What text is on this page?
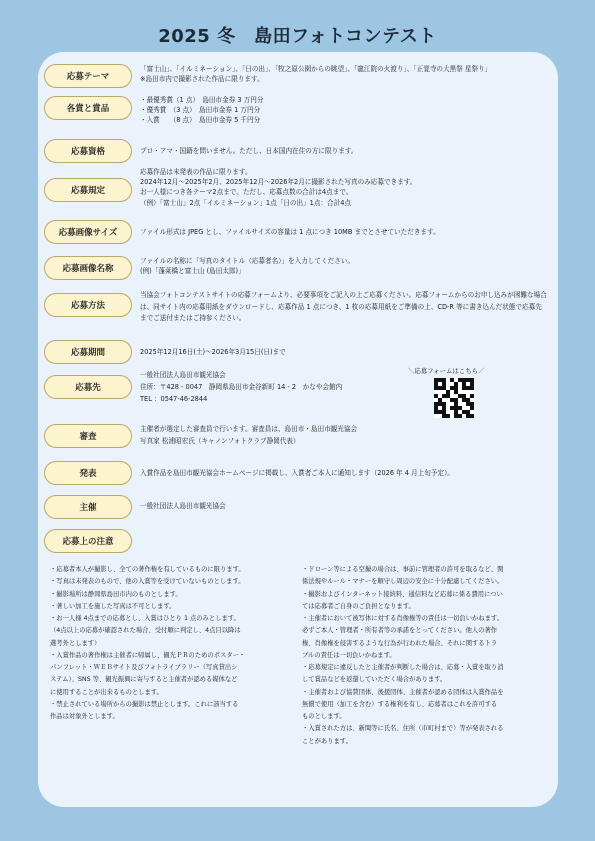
2025 冬　島田フォトコンテスト
応募テーマ
「富士山」、「イルミネーション」、「日の出」、「牧之原公園からの眺望」、「龍江院の火渡り」、「正覚寺の大黒祭 星祭り」
※島田市内で撮影された作品に限ります。
各賞と賞品
・最優秀賞（1 点）　島田市金券 3 万円分
・優秀賞　（3 点）　島田市金券 1 万円分
・入賞　　（8 点）　島田市金券 5 千円分
応募資格	プロ・アマ・国籍を問いません。ただし、日本国内在住の方に限ります。
応募規定
応募作品は未発表の作品に限ります。
2024年12月〜2025年2月、2025年12月〜2026年2月に撮影された写真のみ応募できます。
お一人様につき各テーマ2点まで。ただし、応募点数の合計は4点まで。
（例）「富士山」2点「イルミネーション」1点「日の出」1点：合計4点
応募画像サイズ	ファイル形式は JPEG とし、ファイルサイズの容量は 1 点につき 10MB までとさせていただきます。
応募画像名称
ファイルの名称に「写真のタイトル（応募者名）」を入力してください。
(例)「蓬莱橋と富士山 (島田太郎)」
応募方法
当協会フォトコンテストサイトの応募フォームより、必要事項をご記入の上ご応募ください。応募フォームからのお申し込みが困難な場合は、同サイト内の応募用紙をダウンロードし、応募作品 1 点につき、1 枚の応募用紙をご準備の上、CD-R 等に書き込んだ状態で応募先までご送付またはご持参ください。
応募期間	2025年12月16日(土)〜2026年3月15日(日)まで
応募先
一般社団法人島田市観光協会
住所：〒428 - 0047　静岡県島田市金谷新町 14 - 2　かなや会館内
TEL ：0547-46-2844
＼応募フォームはこちら／
審査
主催者が選定した審査員で行います。審査員は、島田市・島田市観光協会
写真家 松浦昭宏氏（キャノンフォトクラブ静岡代表）
発表	入賞作品を島田市観光協会ホームページに掲載し、入賞者ご本人に通知します（2026 年 4 月上旬予定）。
主催	一般社団法人島田市観光協会
応募上の注意
・応募者本人が撮影し、全ての著作権を有しているものに限ります。
・写真は未発表のもので、他の入賞等を受けていないものとします。
・撮影場所は静岡県島田市内のものとします。
・著しい加工を施した写真は不可とします。
・お一人様 4点までの応募とし、入賞はひとり 1 点のみとします。
（4点以上の応募が確認された場合、受付順に判定し、4点目以降は
選考外とします）
・入賞作品の著作権は主催者に帰属し、観光ＰＲのためのポスター・
パンフレット・ＷＥＢサイト及びフォトライブラリー（写真貸出シ
ステム）、SNS 等、観光振興に寄与すると主催者が認める媒体など
に使用することが出来るものとします。
・禁止されている場所からの撮影は禁止とします。これに該当する
作品は対象外とします。
・ドローン等による空撮の場合は、事前に管理者の許可を取るなど、関
係法規やルール・マナーを順守し周辺の安全に十分配慮してください。
・撮影およびインターネット接続料、通信料など応募に係る費用につい
ては応募者ご自身のご負担となります。
・主催者において被写体に対する肖像権等の責任は一切負いかねます。
必ずご本人・管理者・所有者等の承諾をとってください。他人の著作
権、肖像権を侵害するような行為が行われた場合、それに関するトラ
ブルの責任は一切負いかねます。
・応募規定に違反したと主催者が判断した場合は、応募・入賞を取り消
して賞品などを返還していただく場合があります。
・主催者および協賛団体、後援団体、主催者が認める団体は入賞作品を
無償で使用（加工を含む）する権利を有し、応募者はこれを許可する
ものとします。
・入賞された方は、新聞等に氏名、住所（市町村まで）等が発表される
ことがあります。
